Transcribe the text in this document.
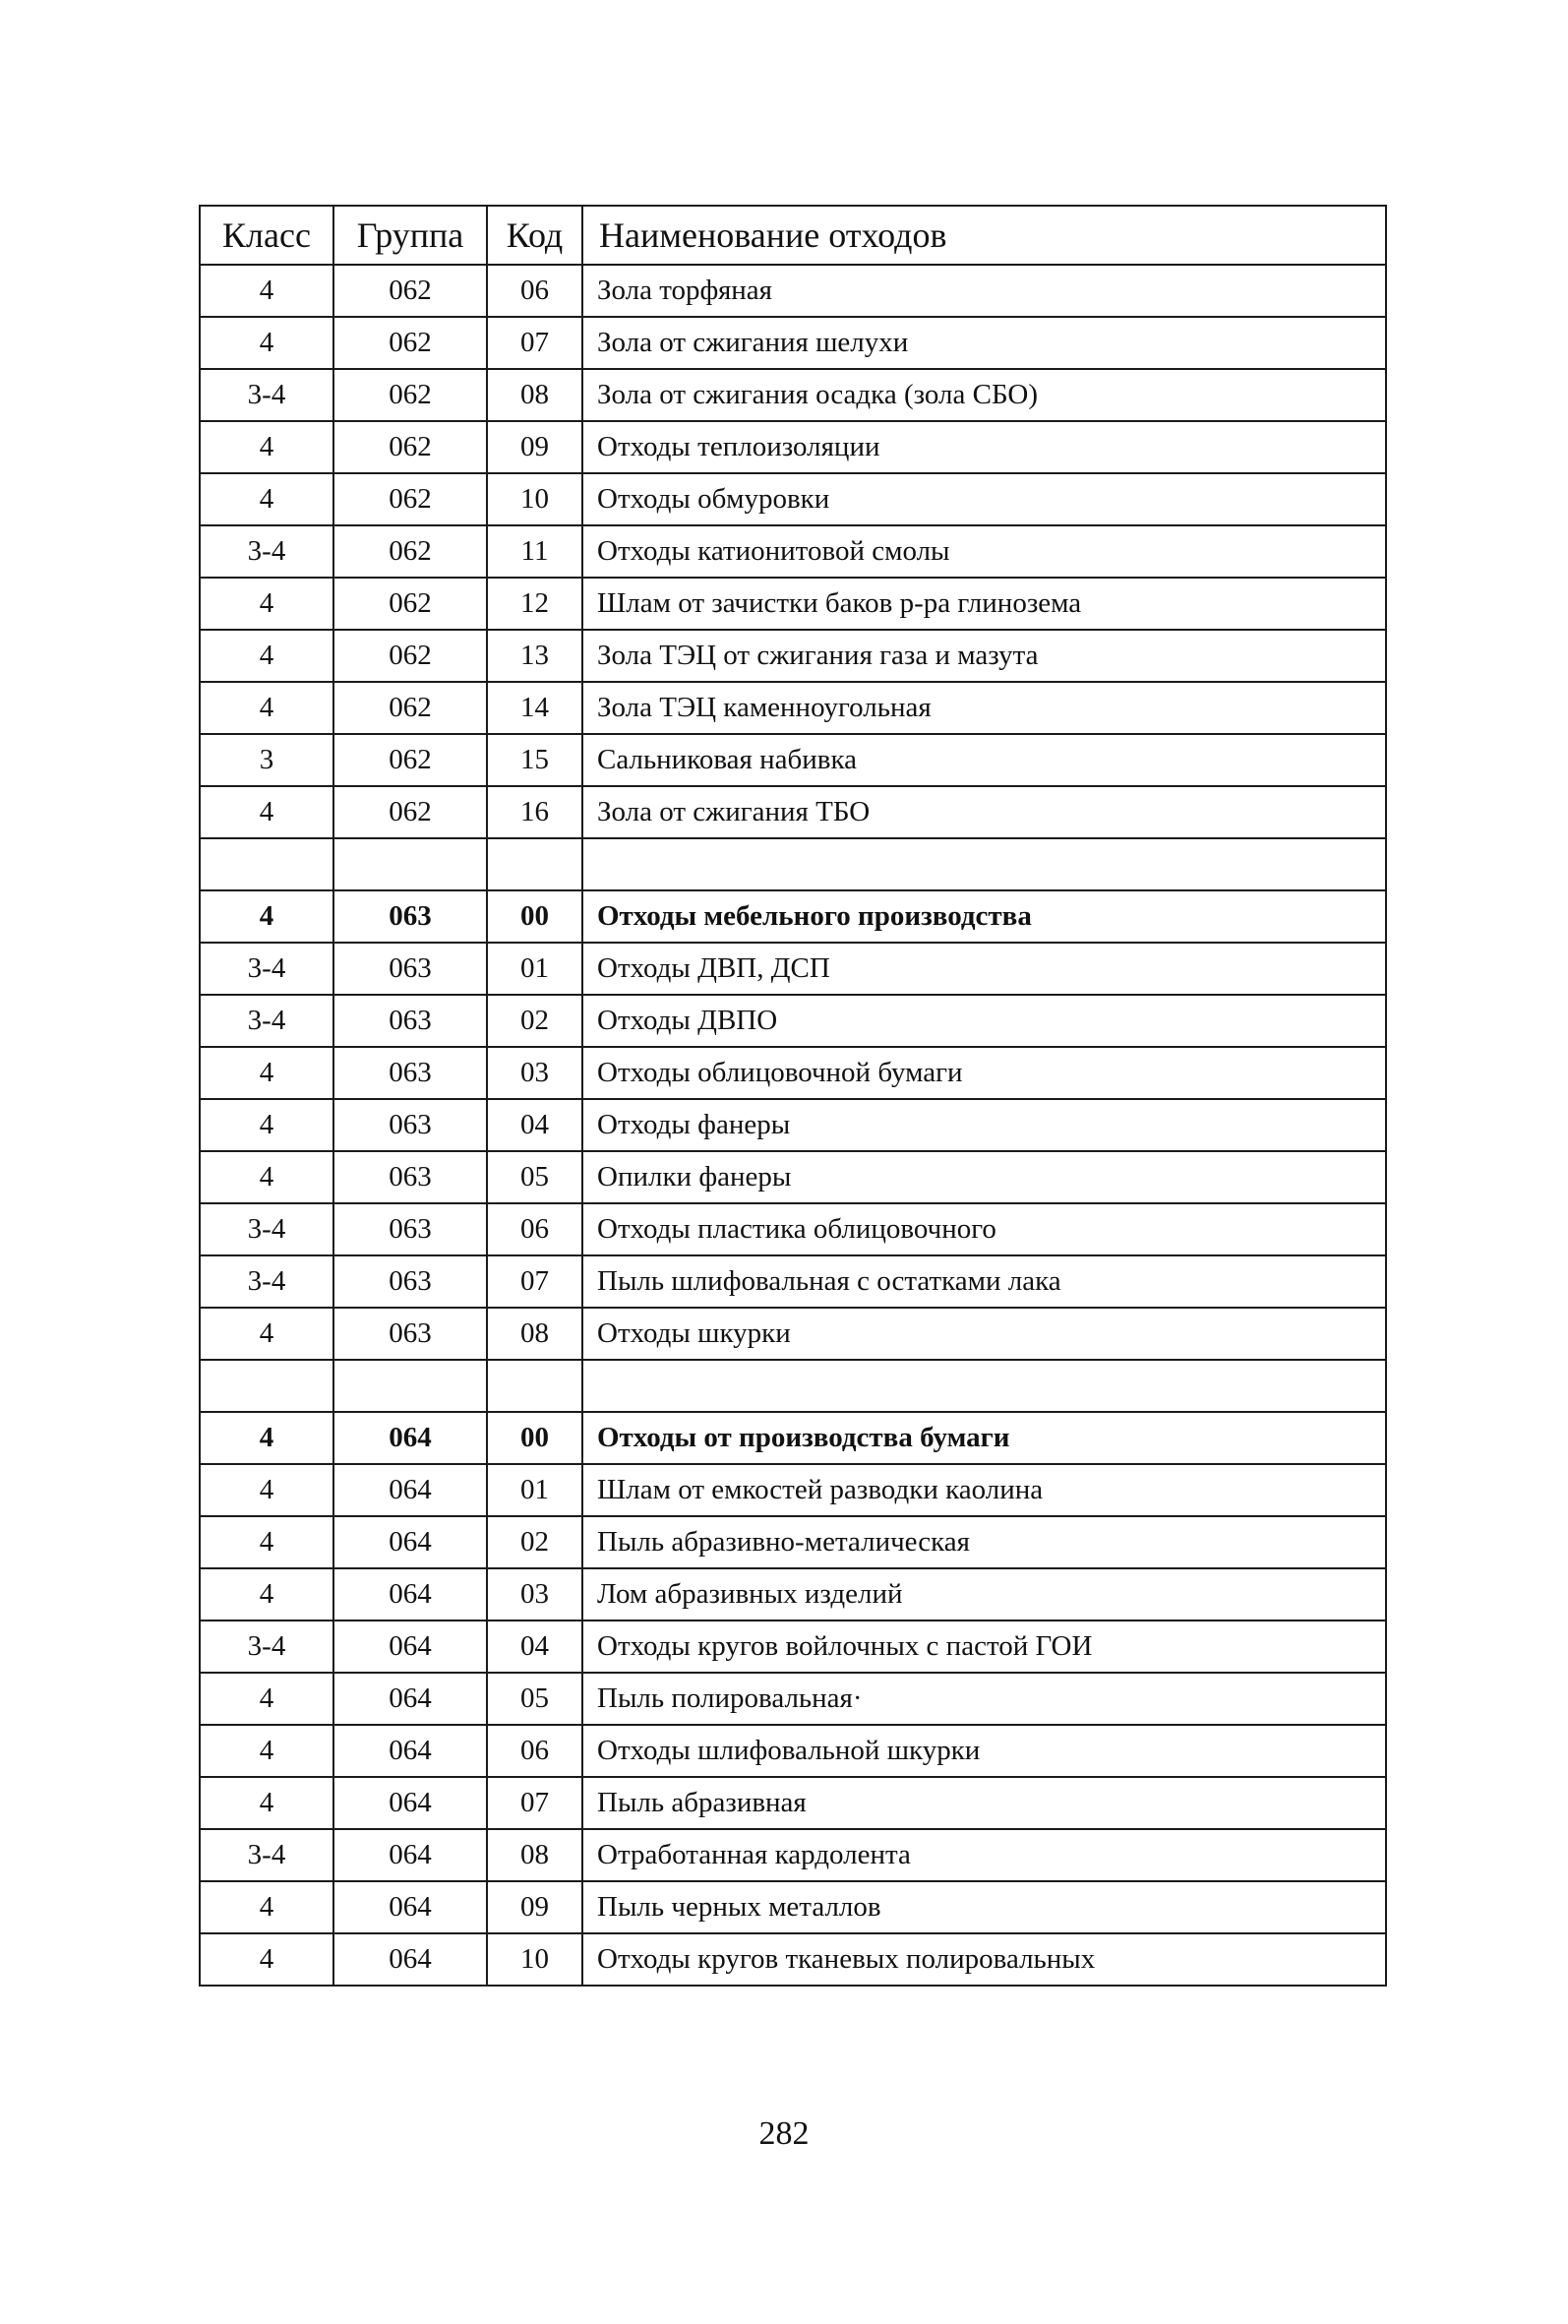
Класс	Группа	Код	Наименование отходов
4	062	06	Зола торфяная
4	062	07	Зола от сжигания шелухи
3-4	062	08	Зола от сжигания осадка (зола СБО)
4	062	09	Отходы теплоизоляции
4	062	10	Отходы обмуровки
3-4	062	11	Отходы катионитовой смолы
4	062	12	Шлам от зачистки баков р-ра глинозема
4	062	13	Зола ТЭЦ от сжигания газа и мазута
4	062	14	Зола ТЭЦ каменноугольная
3	062	15	Сальниковая набивка
4	062	16	Зола от сжигания ТБО

4	063	00	Отходы мебельного производства
3-4	063	01	Отходы ДВП, ДСП
3-4	063	02	Отходы ДВПО
4	063	03	Отходы облицовочной бумаги
4	063	04	Отходы фанеры
4	063	05	Опилки фанеры
3-4	063	06	Отходы пластика облицовочного
3-4	063	07	Пыль шлифовальная с остатками лака
4	063	08	Отходы шкурки

4	064	00	Отходы от производства бумаги
4	064	01	Шлам от емкостей разводки каолина
4	064	02	Пыль абразивно-металическая
4	064	03	Лом абразивных изделий
3-4	064	04	Отходы кругов войлочных с пастой ГОИ
4	064	05	Пыль полировальная·
4	064	06	Отходы шлифовальной шкурки
4	064	07	Пыль абразивная
3-4	064	08	Отработанная кардолента
4	064	09	Пыль черных металлов
4	064	10	Отходы кругов тканевых полировальных
282
